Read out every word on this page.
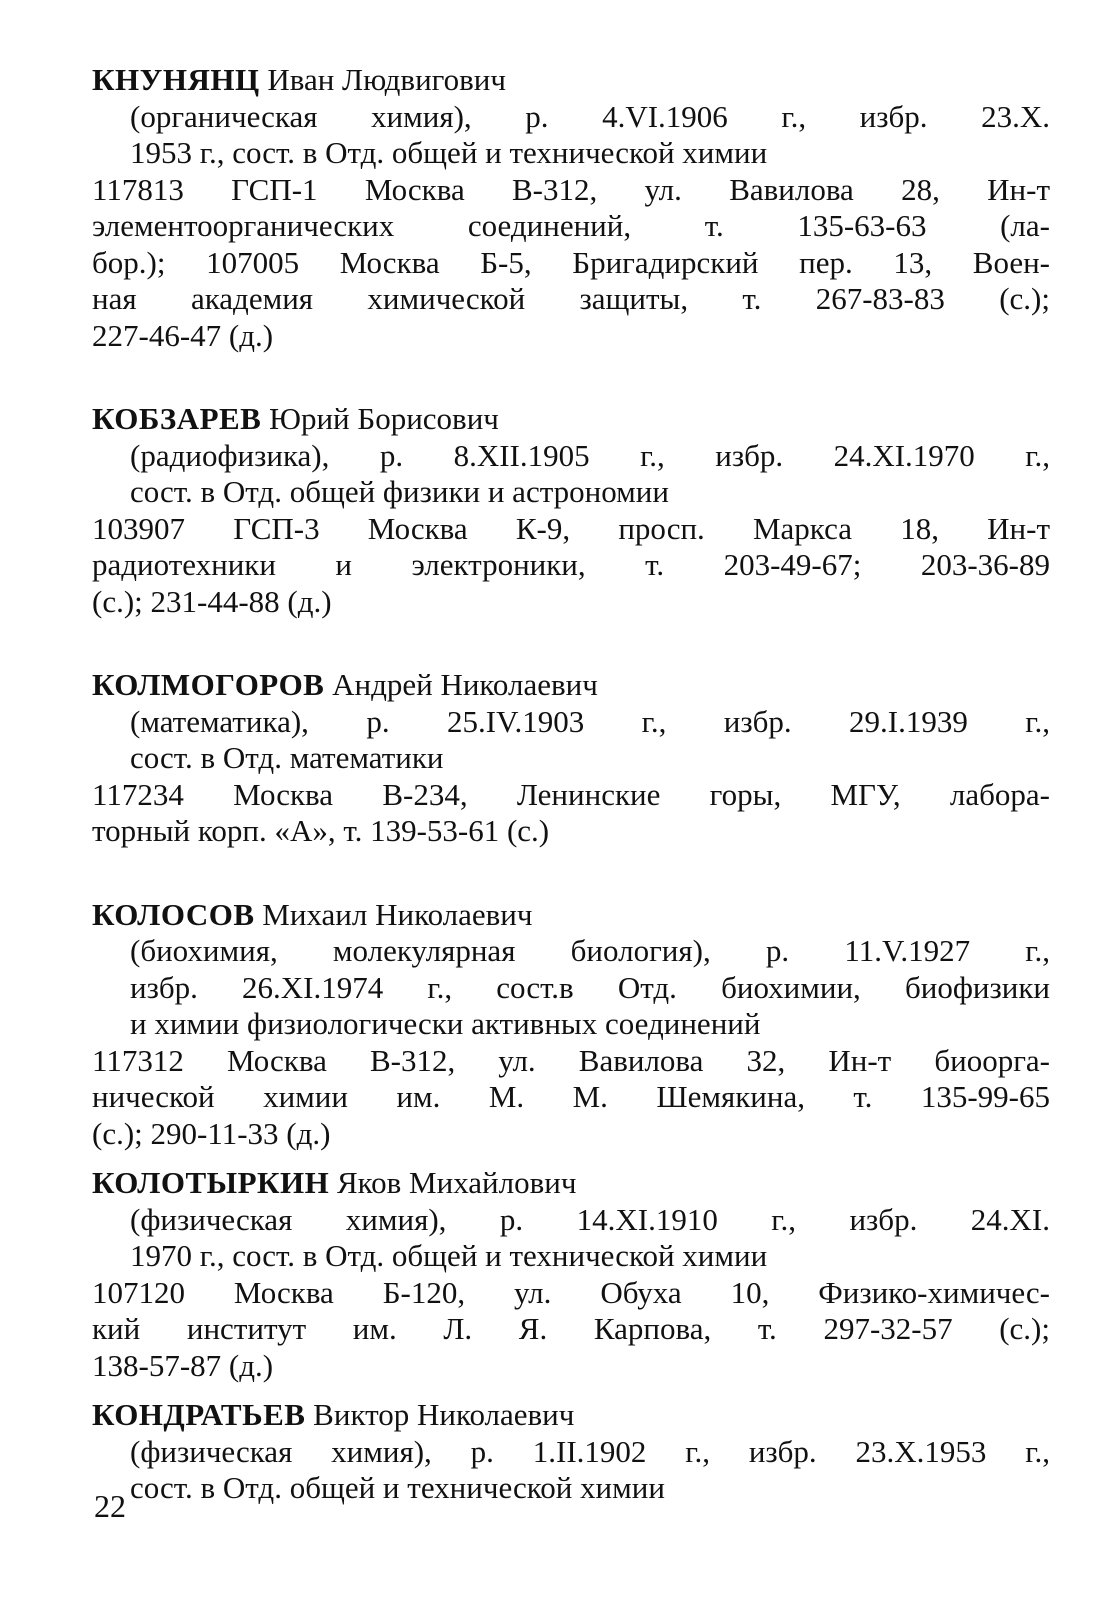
КНУНЯНЦ Иван Людвигович
(органическая химия), р. 4.VI.1906 г., избр. 23.X.
1953 г., сост. в Отд. общей и технической химии
117813 ГСП-1 Москва В-312, ул. Вавилова 28, Ин-т
элементоорганических соединений, т. 135-63-63 (ла-
бор.); 107005 Москва Б-5, Бригадирский пер. 13, Воен-
ная академия химической защиты, т. 267-83-83 (с.);
227-46-47 (д.)
КОБЗАРЕВ Юрий Борисович
(радиофизика), р. 8.XII.1905 г., избр. 24.XI.1970 г.,
сост. в Отд. общей физики и астрономии
103907 ГСП-3 Москва К-9, просп. Маркса 18, Ин-т
радиотехники и электроники, т. 203-49-67; 203-36-89
(с.); 231-44-88 (д.)
КОЛМОГОРОВ Андрей Николаевич
(математика), р. 25.IV.1903 г., избр. 29.I.1939 г.,
сост. в Отд. математики
117234 Москва В-234, Ленинские горы, МГУ, лабора-
торный корп. «А», т. 139-53-61 (с.)
КОЛОСОВ Михаил Николаевич
(биохимия, молекулярная биология), р. 11.V.1927 г.,
избр. 26.XI.1974 г., сост.в Отд. биохимии, биофизики
и химии физиологически активных соединений
117312 Москва В-312, ул. Вавилова 32, Ин-т биоорга-
нической химии им. М. М. Шемякина, т. 135-99-65
(с.); 290-11-33 (д.)
КОЛОТЫРКИН Яков Михайлович
(физическая химия), р. 14.XI.1910 г., избр. 24.XI.
1970 г., сост. в Отд. общей и технической химии
107120 Москва Б-120, ул. Обуха 10, Физико-химичес-
кий институт им. Л. Я. Карпова, т. 297-32-57 (с.);
138-57-87 (д.)
КОНДРАТЬЕВ Виктор Николаевич
(физическая химия), р. 1.II.1902 г., избр. 23.X.1953 г.,
сост. в Отд. общей и технической химии
22
